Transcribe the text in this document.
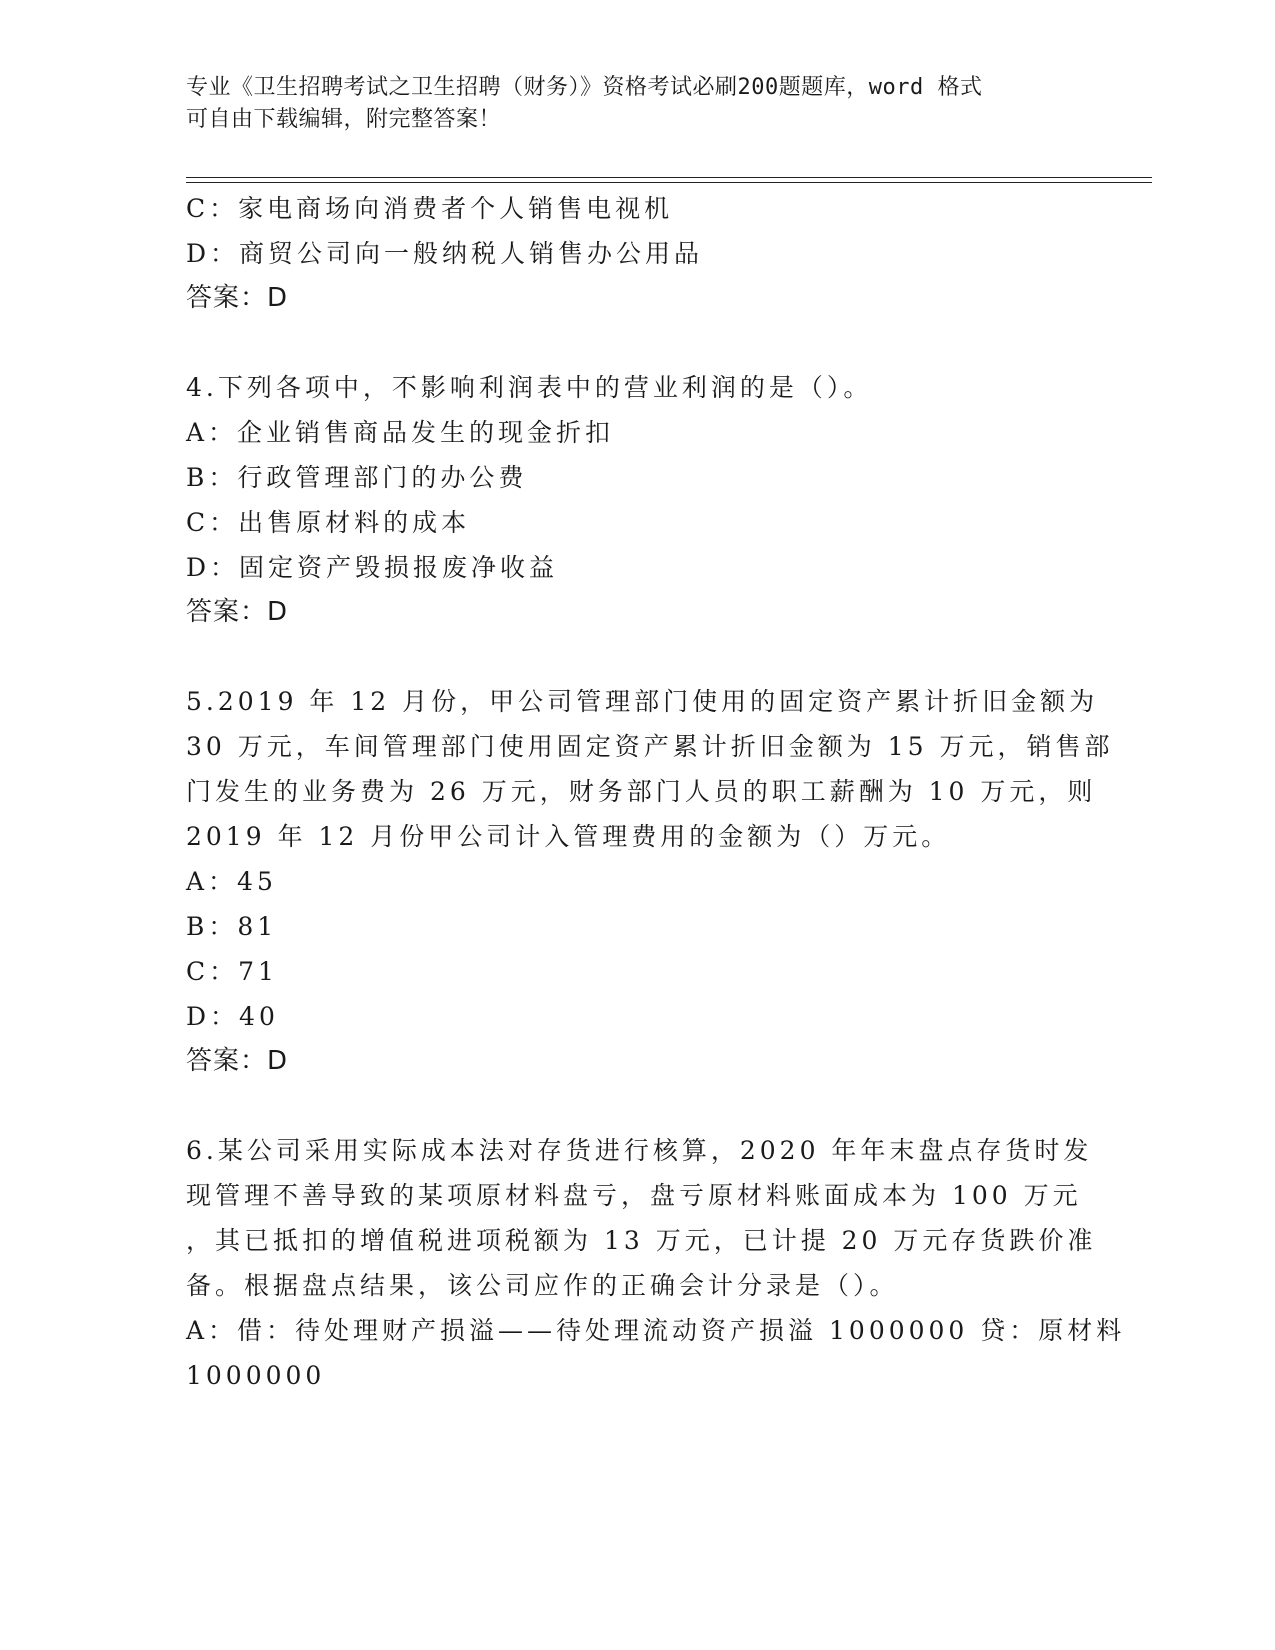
专业《卫生招聘考试之卫生招聘（财务）》资格考试必刷200题题库，word 格式
可自由下载编辑，附完整答案！
C：家电商场向消费者个人销售电视机
D：商贸公司向一般纳税人销售办公用品
答案：D
4.下列各项中，不影响利润表中的营业利润的是（）。
A：企业销售商品发生的现金折扣
B：行政管理部门的办公费
C：出售原材料的成本
D：固定资产毁损报废净收益
答案：D
5.2019 年 12 月份，甲公司管理部门使用的固定资产累计折旧金额为
30 万元，车间管理部门使用固定资产累计折旧金额为 15 万元，销售部
门发生的业务费为 26 万元，财务部门人员的职工薪酬为 10 万元，则
2019 年 12 月份甲公司计入管理费用的金额为（）万元。
A：45
B：81
C：71
D：40
答案：D
6.某公司采用实际成本法对存货进行核算，2020 年年末盘点存货时发
现管理不善导致的某项原材料盘亏，盘亏原材料账面成本为 100 万元
，其已抵扣的增值税进项税额为 13 万元，已计提 20 万元存货跌价准
备。根据盘点结果，该公司应作的正确会计分录是（）。
A：借：待处理财产损溢——待处理流动资产损溢 1000000 贷：原材料
1000000
